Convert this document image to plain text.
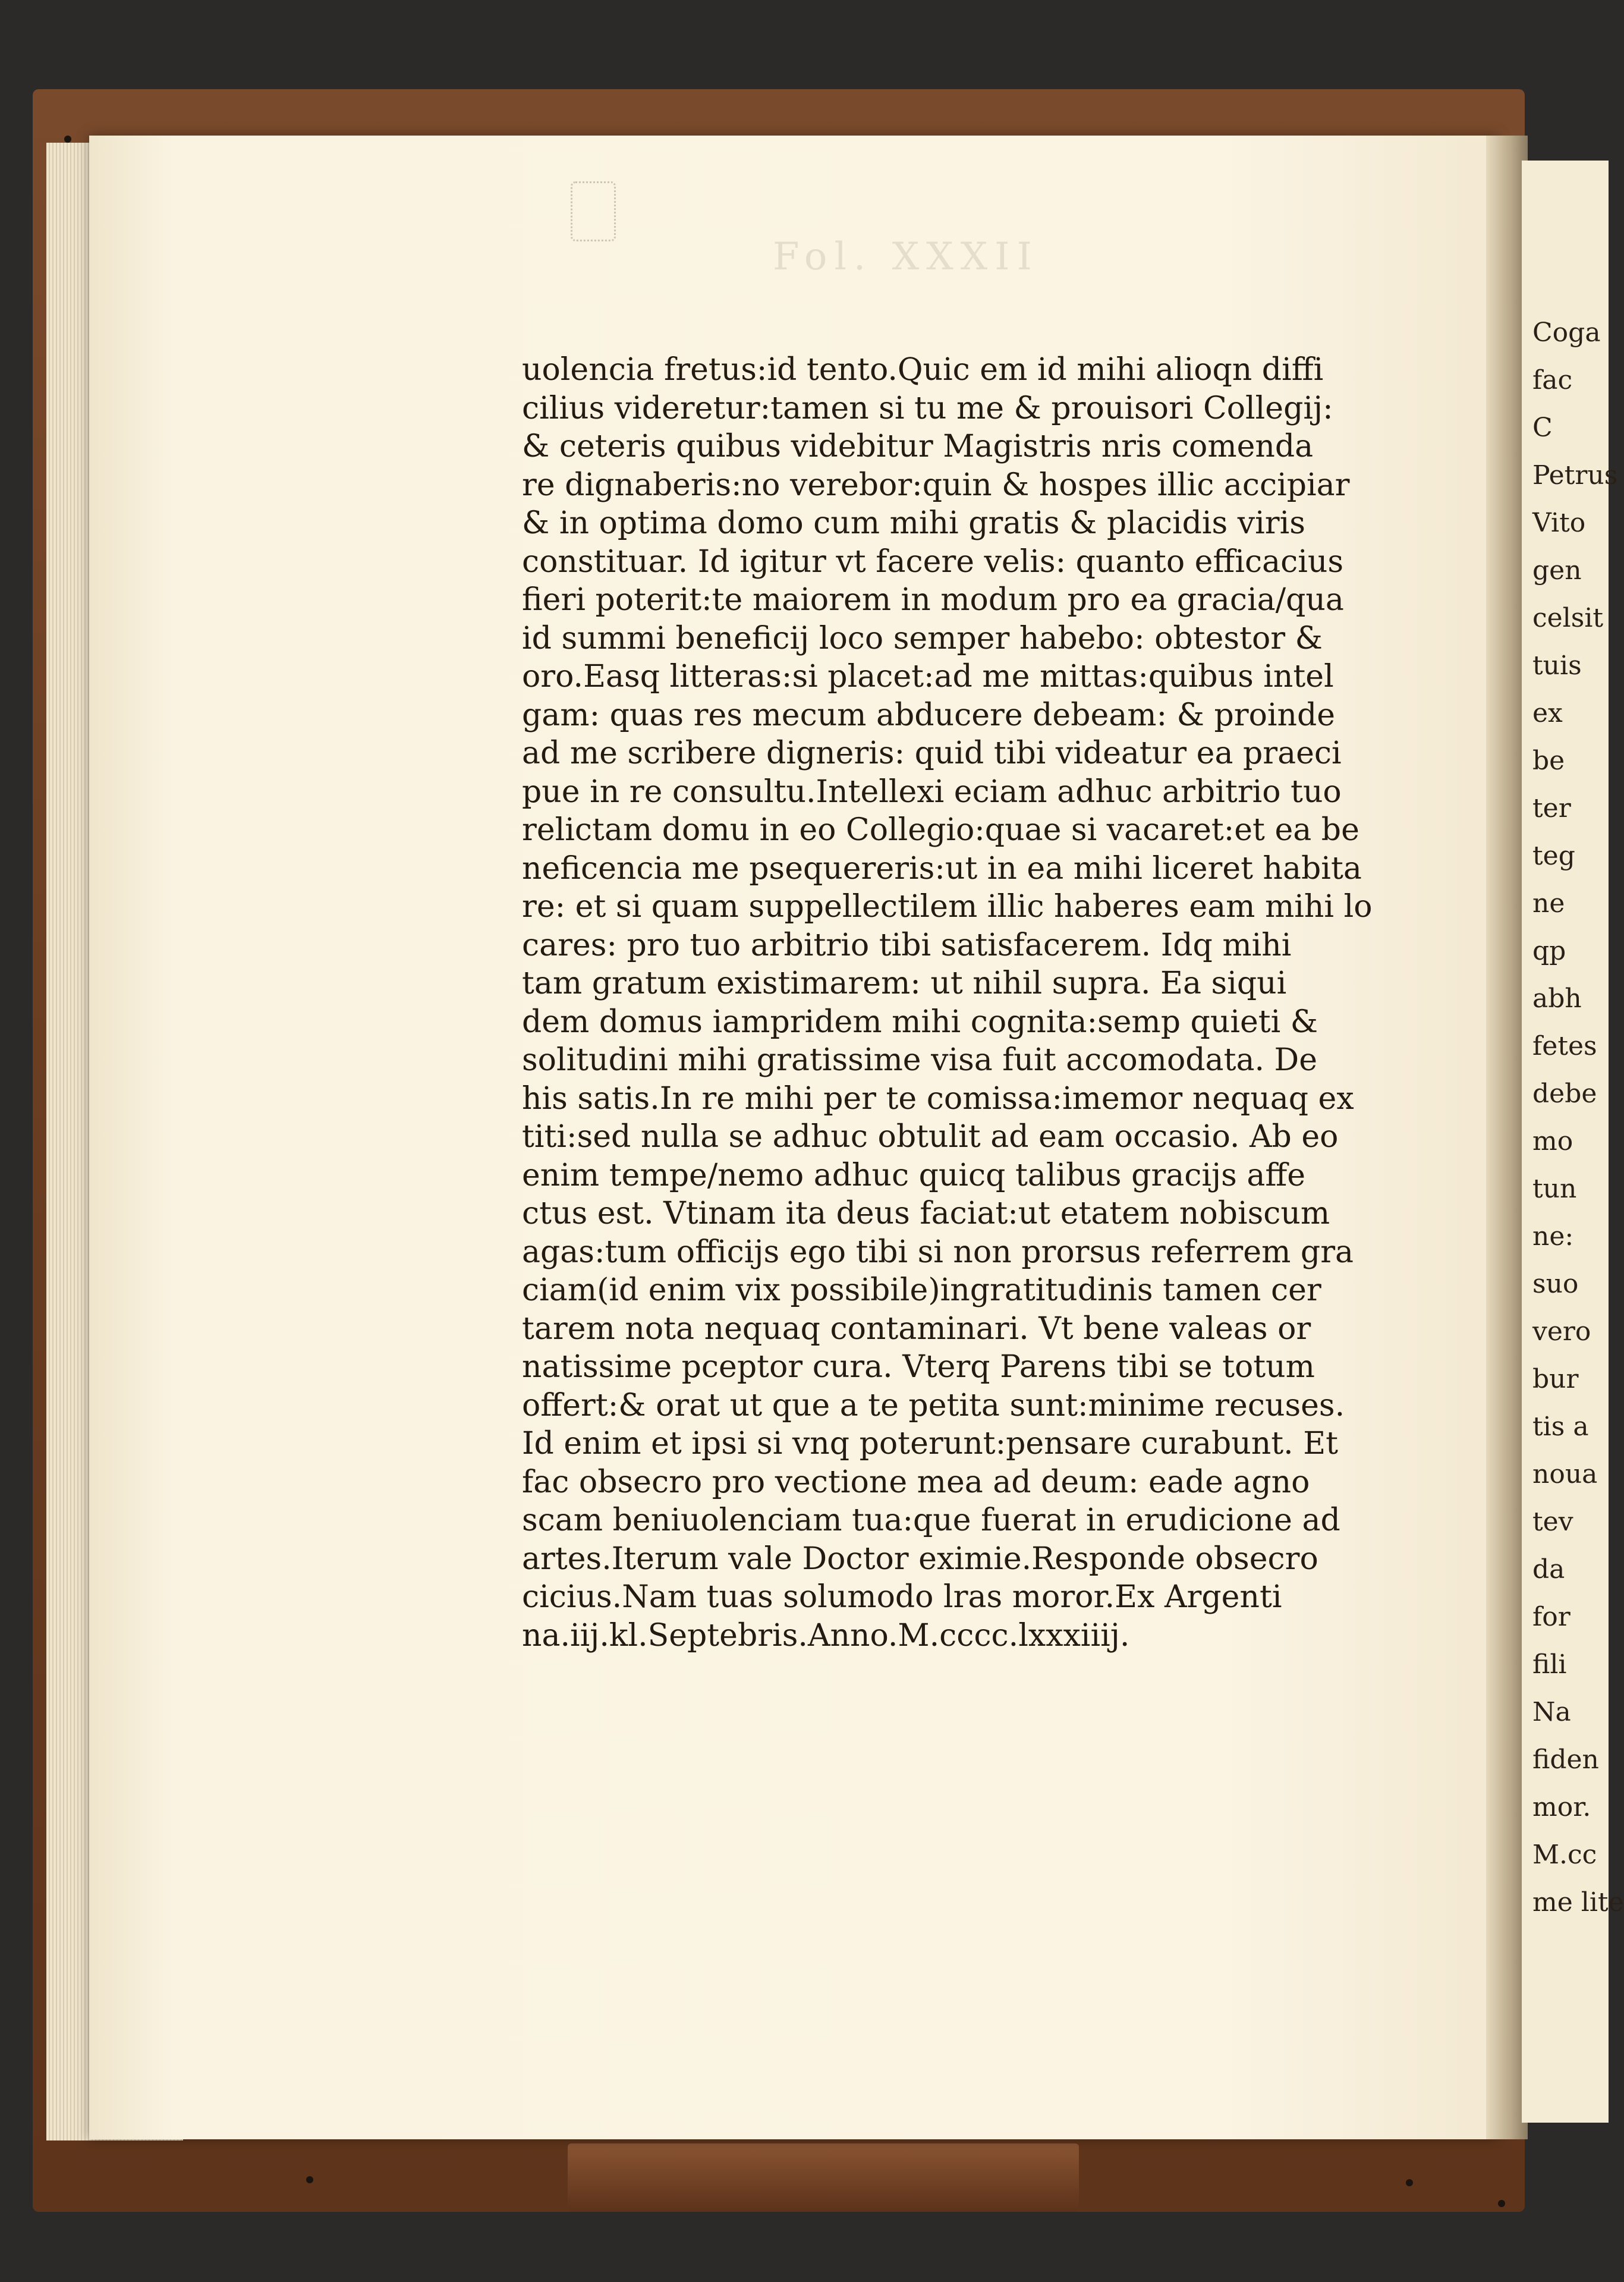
Fol. XXXII
uolencia fretus:id tento.Quic em id mihi alioqn diffi
cilius videretur:tamen si tu me & prouisori Collegij:
& ceteris quibus videbitur Magistris nris comenda
re dignaberis:no verebor:quin & hospes illic accipiar
& in optima domo cum mihi gratis & placidis viris
constituar. Id igitur vt facere velis: quanto efficacius
fieri poterit:te maiorem in modum pro ea gracia/qua
id summi beneficij loco semper habebo: obtestor &
oro.Easq litteras:si placet:ad me mittas:quibus intel
gam: quas res mecum abducere debeam: & proinde
ad me scribere digneris: quid tibi videatur ea praeci
pue in re consultu.Intellexi eciam adhuc arbitrio tuo
relictam domu in eo Collegio:quae si vacaret:et ea be
neficencia me psequereris:ut in ea mihi liceret habita
re: et si quam suppellectilem illic haberes eam mihi lo
cares: pro tuo arbitrio tibi satisfacerem. Idq mihi
tam gratum existimarem: ut nihil supra. Ea siqui
dem domus iampridem mihi cognita:semp quieti &
solitudini mihi gratissime visa fuit accomodata. De
his satis.In re mihi per te comissa:imemor nequaq ex
titi:sed nulla se adhuc obtulit ad eam occasio. Ab eo
enim tempe/nemo adhuc quicq talibus gracijs affe
ctus est. Vtinam ita deus faciat:ut etatem nobiscum
agas:tum officijs ego tibi si non prorsus referrem gra
ciam(id enim vix possibile)ingratitudinis tamen cer
tarem nota nequaq contaminari. Vt bene valeas or
natissime pceptor cura. Vterq Parens tibi se totum
offert:& orat ut que a te petita sunt:minime recuses.
Id enim et ipsi si vnq poterunt:pensare curabunt. Et
fac obsecro pro vectione mea ad deum: eade agno
scam beniuolenciam tua:que fuerat in erudicione ad
artes.Iterum vale Doctor eximie.Responde obsecro
cicius.Nam tuas solumodo lras moror.Ex Argenti
na.iij.kl.Septebris.Anno.M.cccc.lxxxiiij.
Coga
fac
C
Petrus
Vito
gen
celsit
tuis
ex
be
ter
teg
ne
qp
abh
fetes
debe
mo
tun
ne:
suo
vero
bur
tis a
noua
tev
da
for
fili
Na
fiden
mor.
M.cc
me lite
